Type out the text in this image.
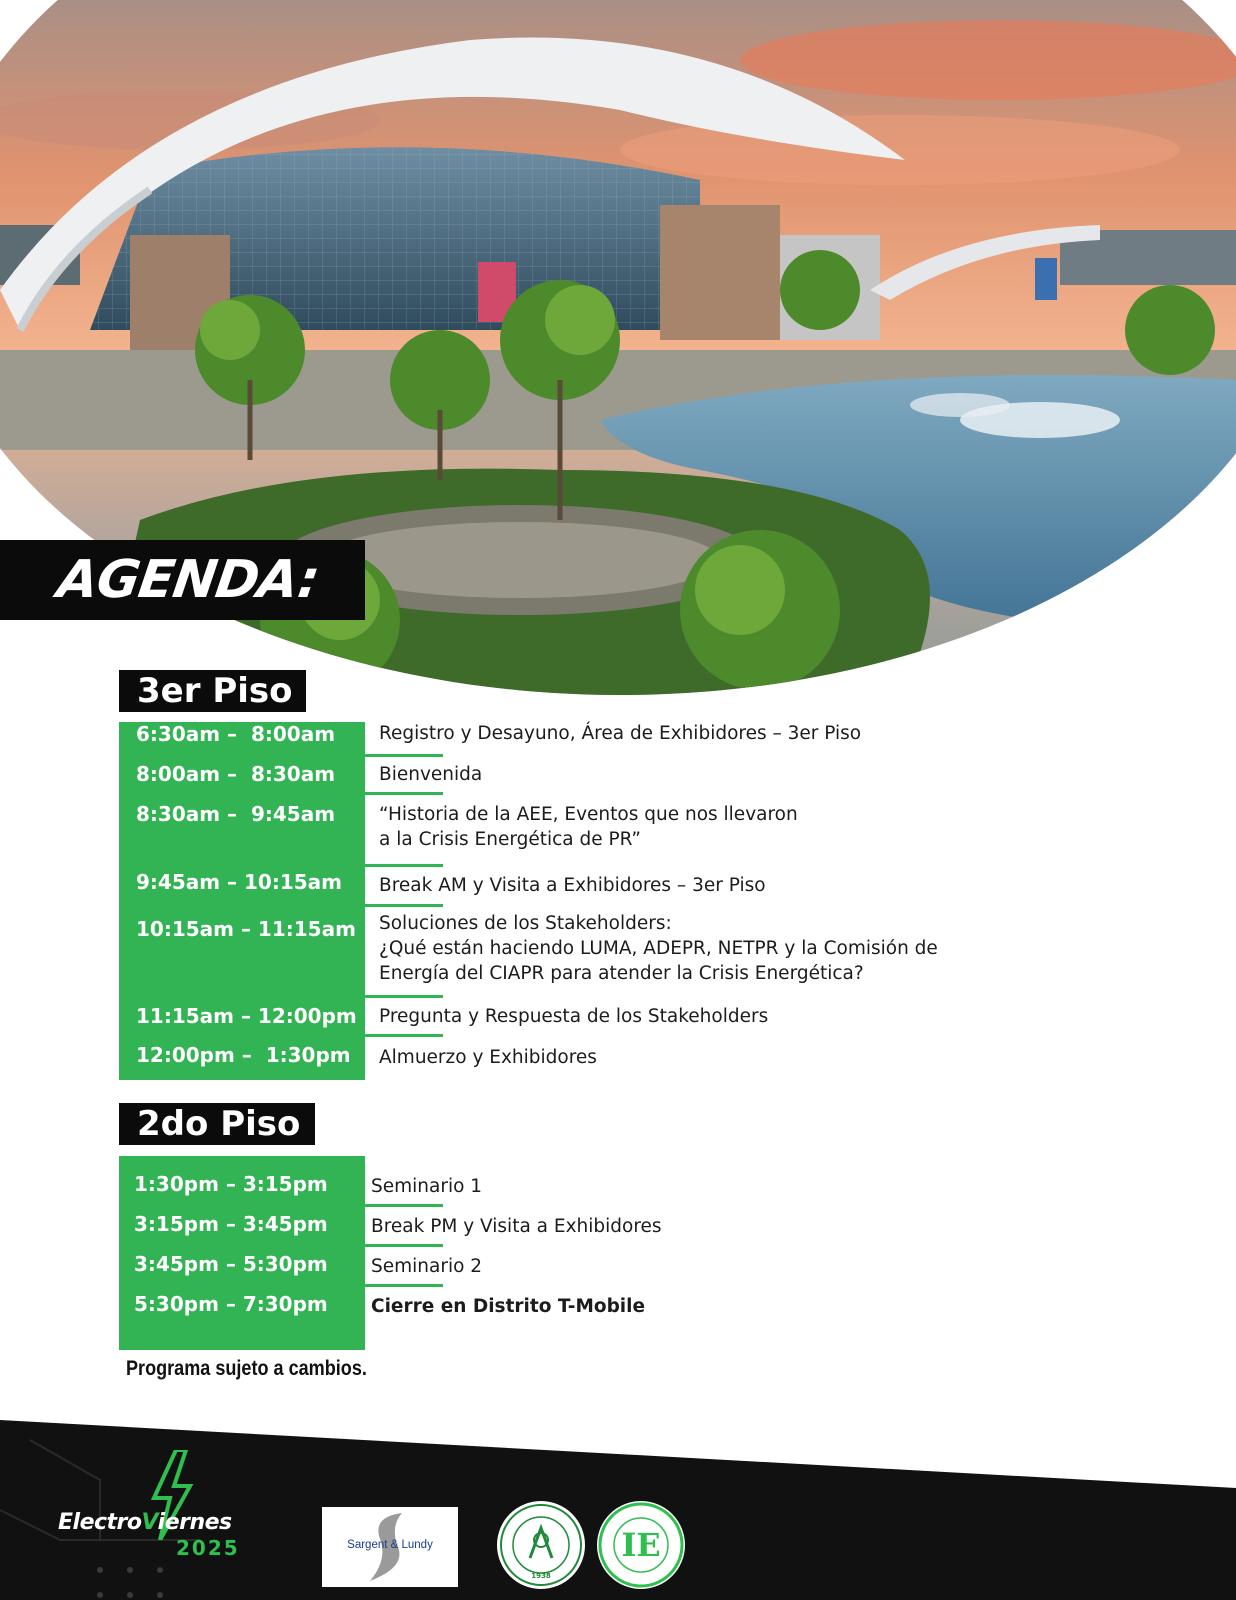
AGENDA:
3er Piso
6:30am –  8:00am Registro y Desayuno, Área de Exhibidores – 3er Piso
8:00am –  8:30am Bienvenida
8:30am –  9:45am “Historia de la AEE, Eventos que nos llevaron
a la Crisis Energética de PR”
9:45am – 10:15am Break AM y Visita a Exhibidores – 3er Piso
10:15am – 11:15am Soluciones de los Stakeholders:
¿Qué están haciendo LUMA, ADEPR, NETPR y la Comisión de
Energía del CIAPR para atender la Crisis Energética?
11:15am – 12:00pm Pregunta y Respuesta de los Stakeholders
12:00pm –  1:30pm Almuerzo y Exhibidores
2do Piso
1:30pm – 3:15pm Seminario 1
3:15pm – 3:45pm Break PM y Visita a Exhibidores
3:45pm – 5:30pm Seminario 2
5:30pm – 7:30pm Cierre en Distrito T-Mobile
Programa sujeto a cambios.
ElectroViernes
2025	Sargent & Lundy
1938
IE
